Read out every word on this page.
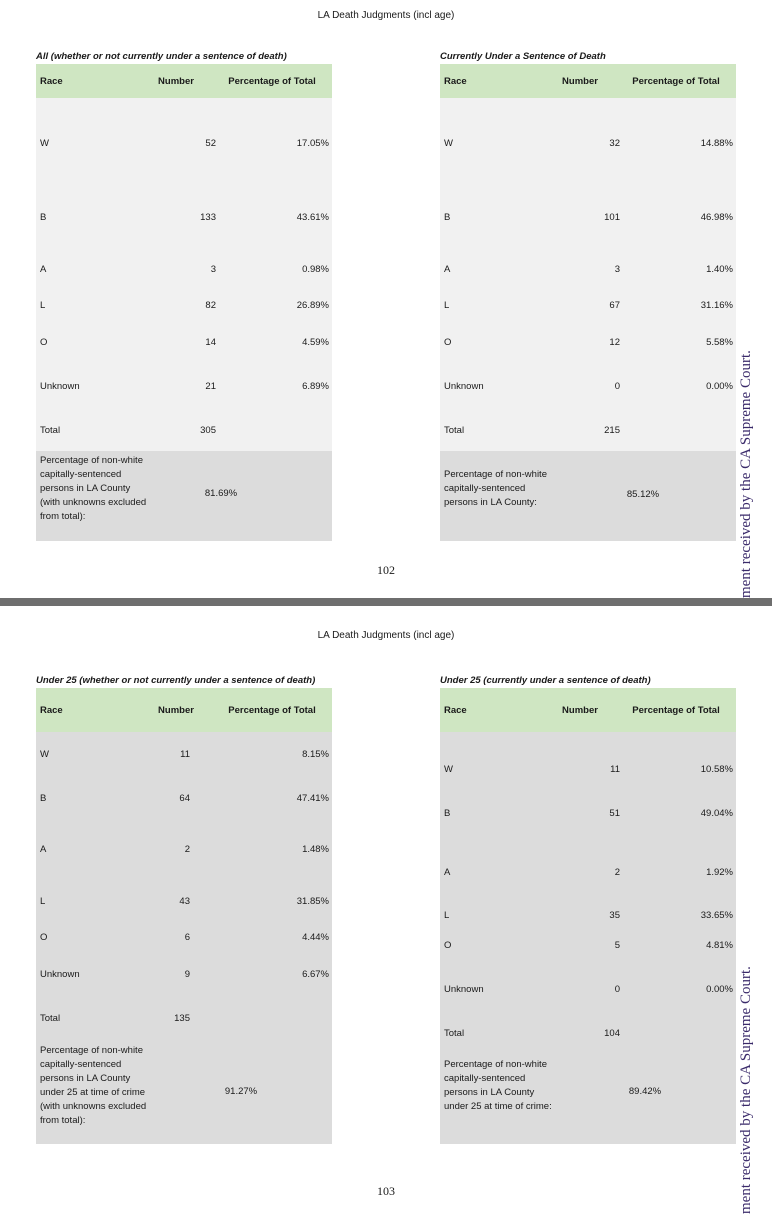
LA Death Judgments (incl age)
All (whether or not currently under a sentence of death)
Race	Number	Percentage of Total
W	52	17.05%
B	133	43.61%
A	3	0.98%
L	82	26.89%
O	14	4.59%
Unknown	21	6.89%
Total	305
Percentage of non-white capitally-sentenced persons in LA County (with unknowns excluded from total):
81.69%
Currently Under a Sentence of Death
Race	Number	Percentage of Total
W	32	14.88%
B	101	46.98%
A	3	1.40%
L	67	31.16%
O	12	5.58%
Unknown	0	0.00%
Total	215
Percentage of non-white capitally-sentenced persons in LA County:
85.12%
102	ment received by the CA Supreme Court.
LA Death Judgments (incl age)
Under 25 (whether or not currently under a sentence of death)
Race	Number	Percentage of Total
W	11	8.15%
B	64	47.41%
A	2	1.48%
L	43	31.85%
O	6	4.44%
Unknown	9	6.67%
Total	135
Percentage of non-white capitally-sentenced persons in LA County under 25 at time of crime (with unknowns excluded from total):
91.27%
Under 25 (currently under a sentence of death)
Race	Number	Percentage of Total
W	11	10.58%
B	51	49.04%
A	2	1.92%
L	35	33.65%
O	5	4.81%
Unknown	0	0.00%
Total	104
Percentage of non-white capitally-sentenced persons in LA County under 25 at time of crime:
89.42%
103	ment received by the CA Supreme Court.
